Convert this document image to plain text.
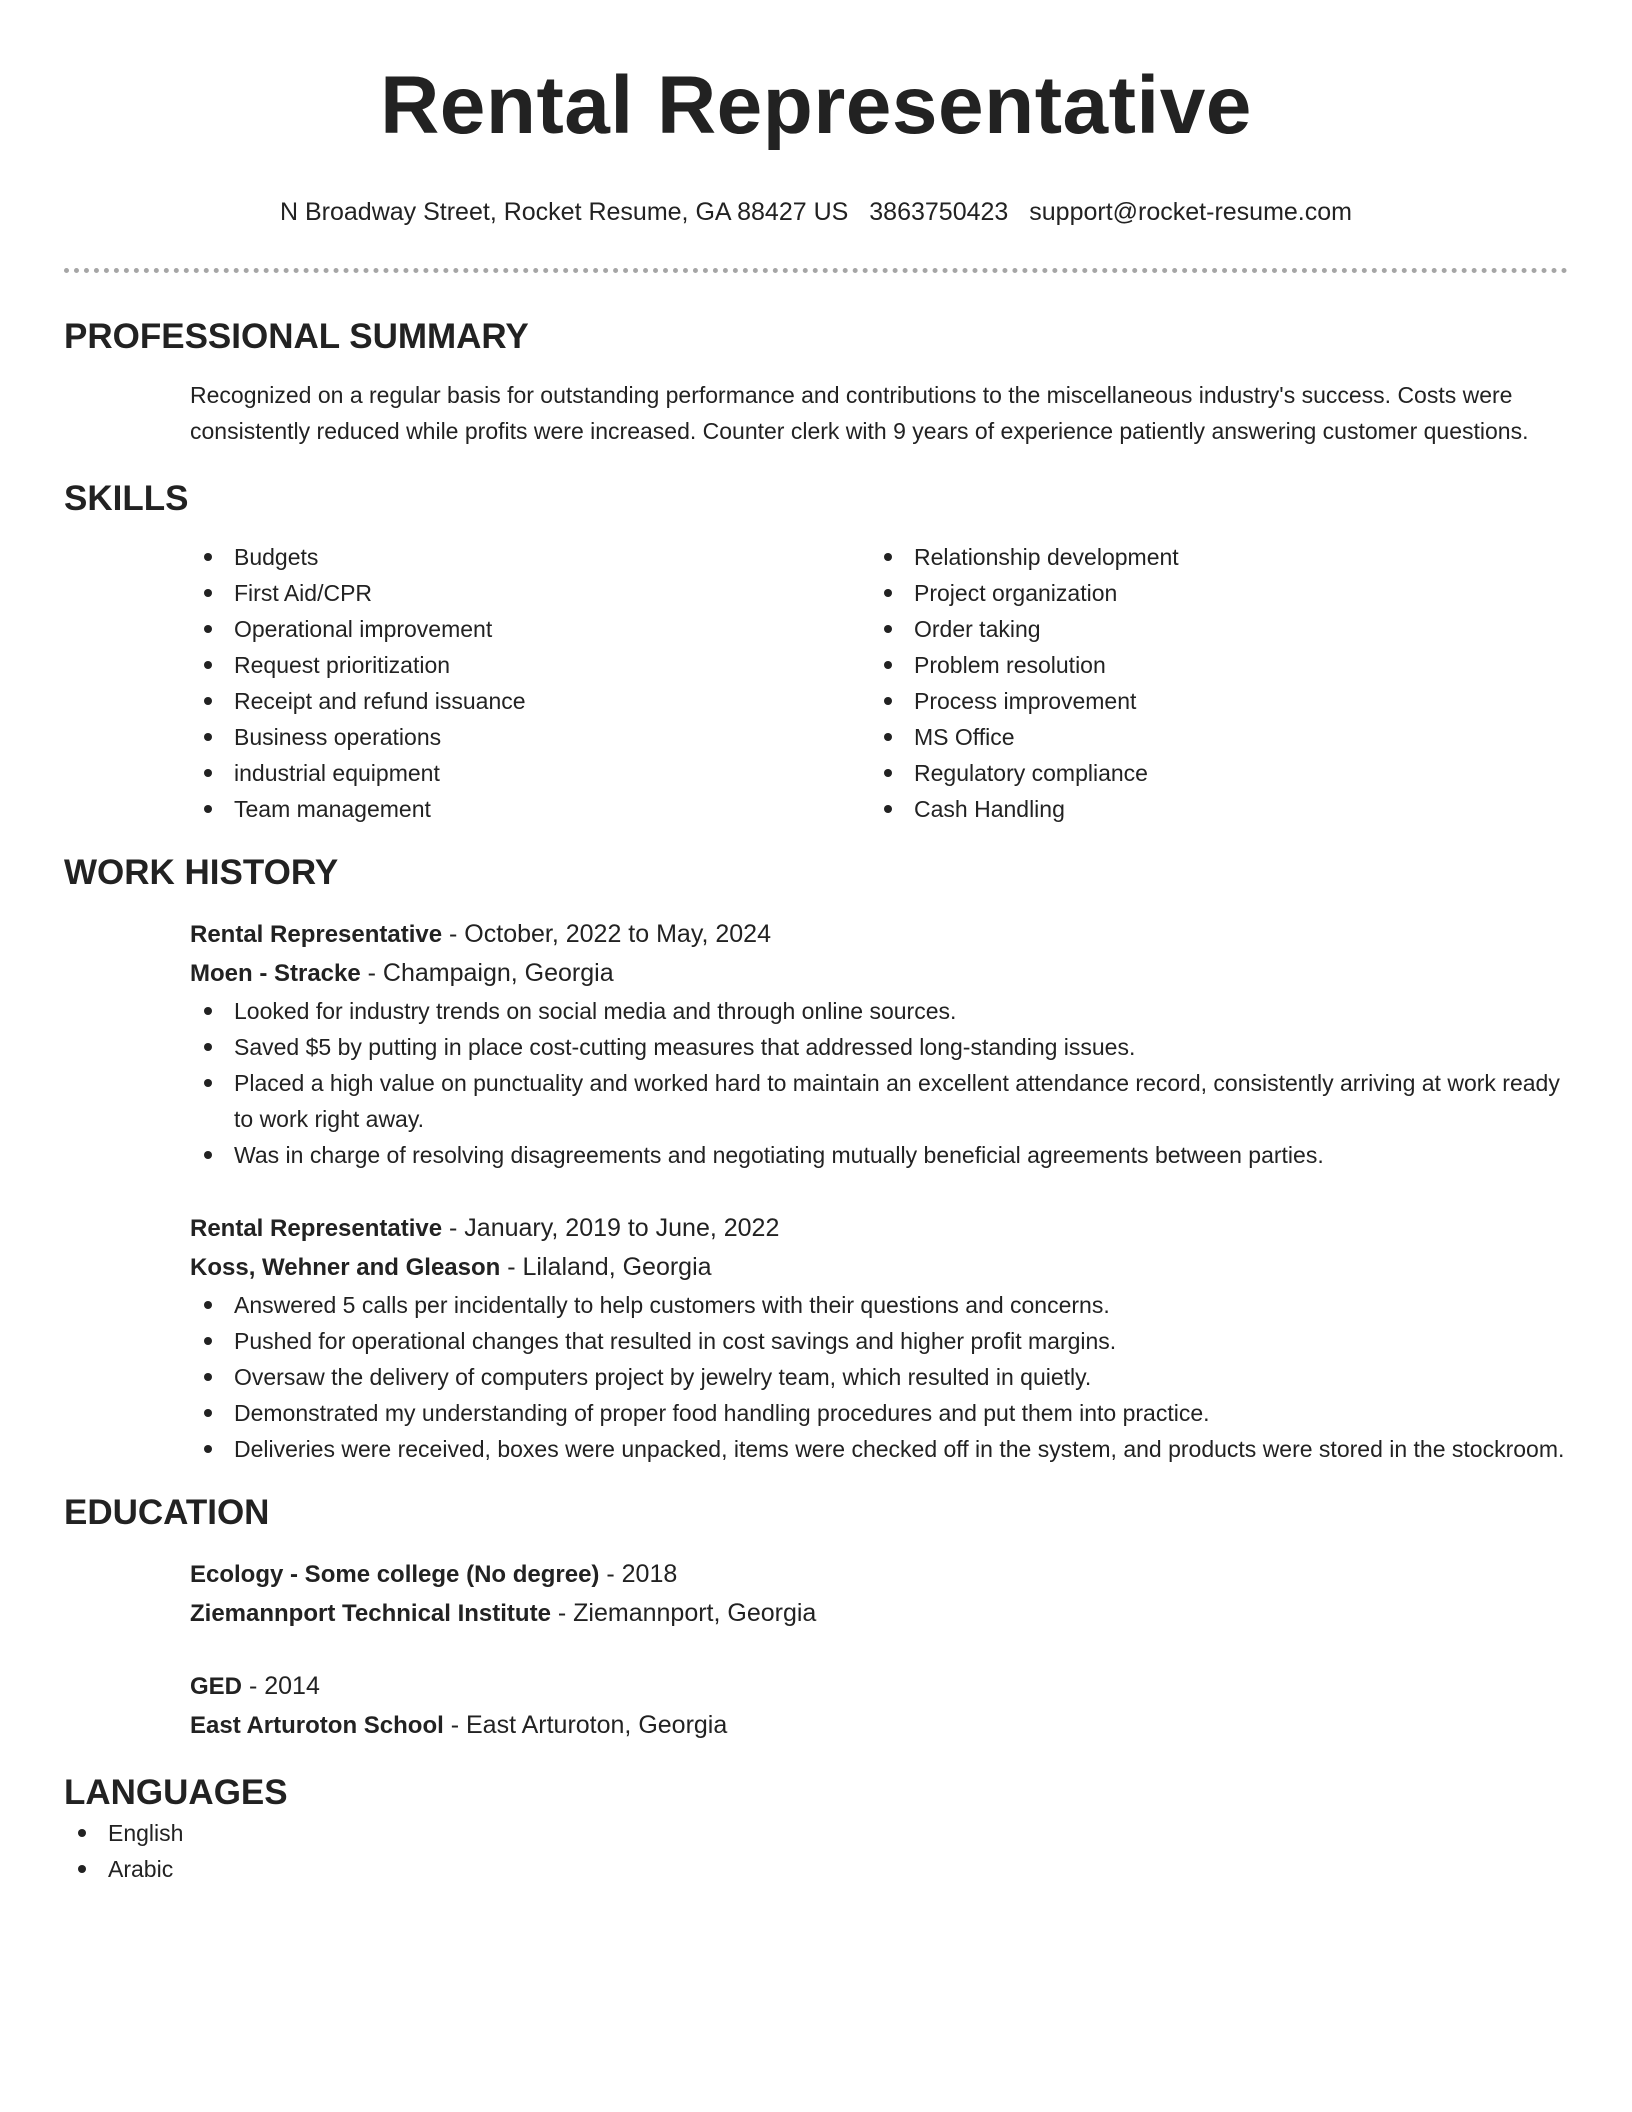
Rental Representative
N Broadway Street, Rocket Resume, GA 88427 US 3863750423 support@rocket-resume.com
PROFESSIONAL SUMMARY

Recognized on a regular basis for outstanding performance and contributions to the miscellaneous industry's success. Costs were consistently reduced while profits were increased. Counter clerk with 9 years of experience patiently answering customer questions.

SKILLS
Budgets
First Aid/CPR
Operational improvement
Request prioritization
Receipt and refund issuance
Business operations
industrial equipment
Team management
Relationship development
Project organization
Order taking
Problem resolution
Process improvement
MS Office
Regulatory compliance
Cash Handling
WORK HISTORY
Rental Representative - October, 2022 to May, 2024
Moen - Stracke - Champaign, Georgia
Looked for industry trends on social media and through online sources.
Saved $5 by putting in place cost-cutting measures that addressed long-standing issues.
Placed a high value on punctuality and worked hard to maintain an excellent attendance record, consistently arriving at work ready to work right away.
Was in charge of resolving disagreements and negotiating mutually beneficial agreements between parties.
Rental Representative - January, 2019 to June, 2022
Koss, Wehner and Gleason - Lilaland, Georgia
Answered 5 calls per incidentally to help customers with their questions and concerns.
Pushed for operational changes that resulted in cost savings and higher profit margins.
Oversaw the delivery of computers project by jewelry team, which resulted in quietly.
Demonstrated my understanding of proper food handling procedures and put them into practice.
Deliveries were received, boxes were unpacked, items were checked off in the system, and products were stored in the stockroom.
EDUCATION
Ecology - Some college (No degree) - 2018
Ziemannport Technical Institute - Ziemannport, Georgia
GED - 2014
East Arturoton School - East Arturoton, Georgia
LANGUAGES
English
Arabic
